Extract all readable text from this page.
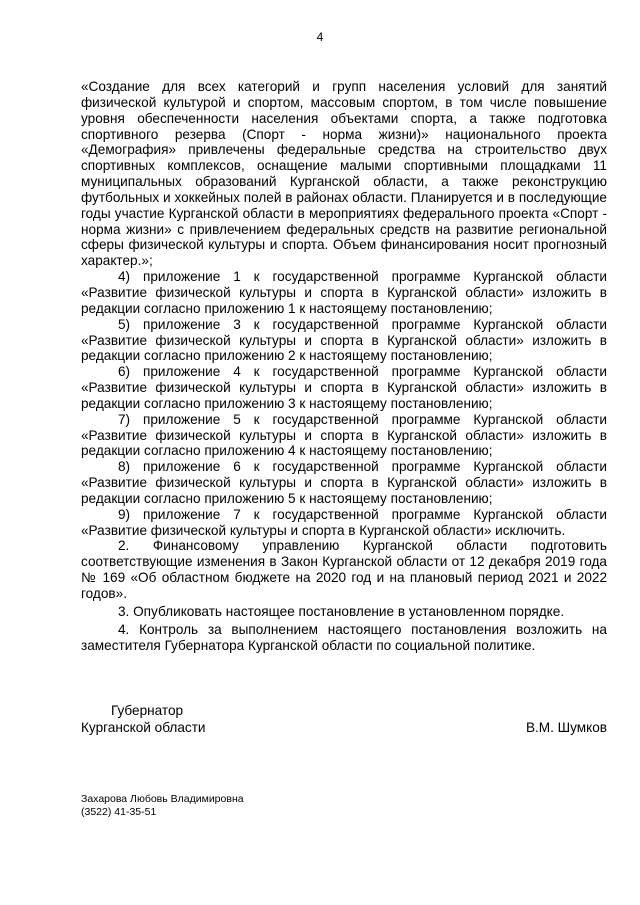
4

«Создание для всех категорий и групп населения условий для занятий физической культурой и спортом, массовым спортом, в том числе повышение уровня обеспеченности населения объектами спорта, а также подготовка спортивного резерва (Спорт - норма жизни)» национального проекта «Демография» привлечены федеральные средства на строительство двух спортивных комплексов, оснащение малыми спортивными площадками 11 муниципальных образований Курганской области, а также реконструкцию футбольных и хоккейных полей в районах области. Планируется и в последующие годы участие Курганской области в мероприятиях федерального проекта «Спорт - норма жизни» с привлечением федеральных средств на развитие региональной сферы физической культуры и спорта. Объем финансирования носит прогнозный характер.»;

4) приложение 1 к государственной программе Курганской области «Развитие физической культуры и спорта в Курганской области» изложить в редакции согласно приложению 1 к настоящему постановлению;

5) приложение 3 к государственной программе Курганской области «Развитие физической культуры и спорта в Курганской области» изложить в редакции согласно приложению 2 к настоящему постановлению;

6) приложение 4 к государственной программе Курганской области «Развитие физической культуры и спорта в Курганской области» изложить в редакции согласно приложению 3 к настоящему постановлению;

7) приложение 5 к государственной программе Курганской области «Развитие физической культуры и спорта в Курганской области» изложить в редакции согласно приложению 4 к настоящему постановлению;

8) приложение 6 к государственной программе Курганской области «Развитие физической культуры и спорта в Курганской области» изложить в редакции согласно приложению 5 к настоящему постановлению;

9) приложение 7 к государственной программе Курганской области «Развитие физической культуры и спорта в Курганской области» исключить.

2. Финансовому управлению Курганской области подготовить соответствующие изменения в Закон Курганской области от 12 декабря 2019 года № 169 «Об областном бюджете на 2020 год и на плановый период 2021 и 2022 годов».

3. Опубликовать настоящее постановление в установленном порядке.

4. Контроль за выполнением настоящего постановления возложить на заместителя Губернатора Курганской области по социальной политике.

Губернатор
Курганской области	В.М. Шумков
Захарова Любовь Владимировна
(3522) 41-35-51
